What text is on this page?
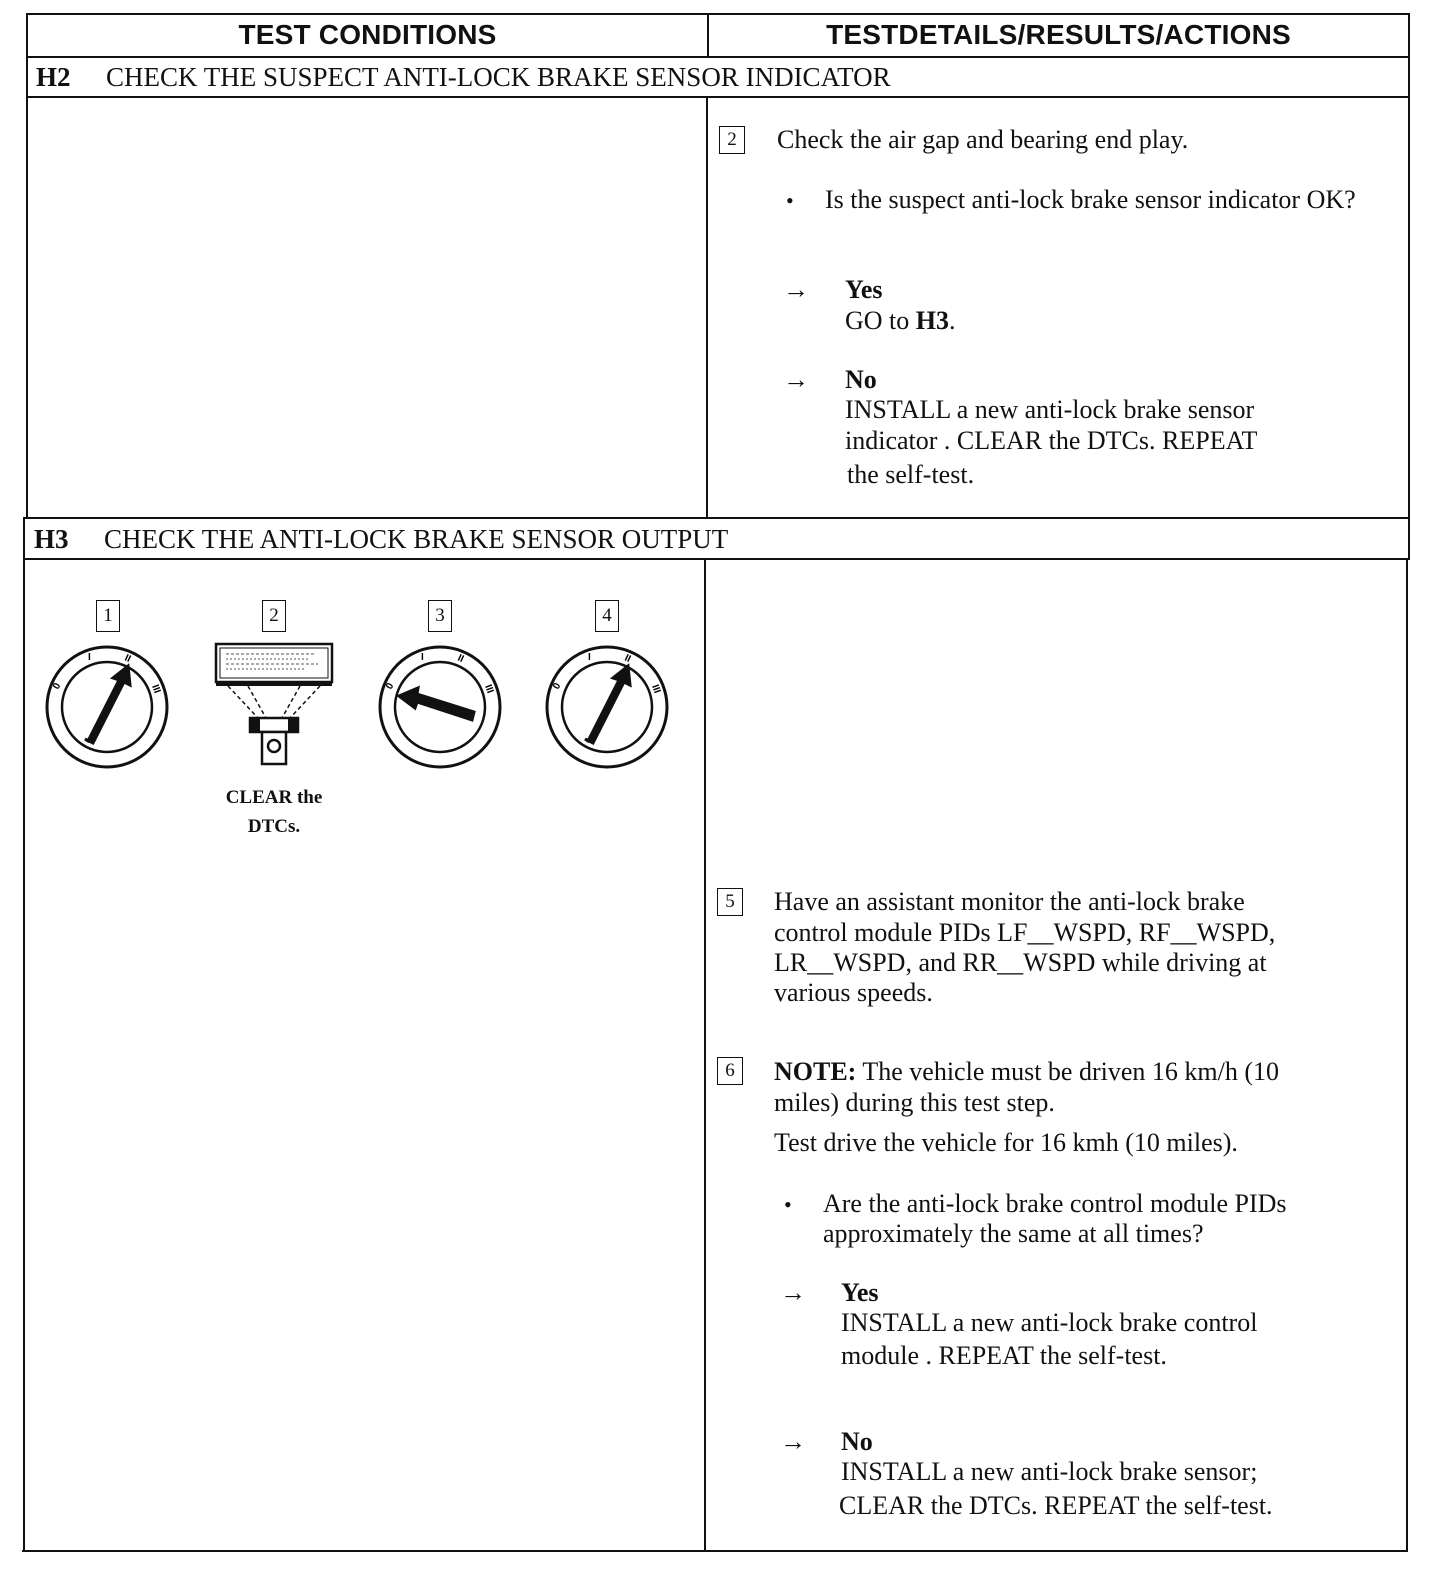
TEST CONDITIONS	TESTDETAILS/RESULTS/ACTIONS
H2	CHECK THE SUSPECT ANTI-LOCK BRAKE SENSOR INDICATOR
2	Check the air gap and bearing end play.
• Is the suspect anti-lock brake sensor indicator OK?
→ Yes
GO to H3.
→ No
INSTALL a new anti-lock brake sensor
indicator . CLEAR the DTCs. REPEAT
the self-test.
H3	CHECK THE ANTI-LOCK BRAKE SENSOR OUTPUT
1	2	3	4
0
I	II
III
CLEAR the
DTCs.
0
I	II
III	0
I	II
III
5	Have an assistant monitor the anti-lock brake
control module PIDs LF__WSPD, RF__WSPD,
LR__WSPD, and RR__WSPD while driving at
various speeds.
6	NOTE: The vehicle must be driven 16 km/h (10
miles) during this test step.
Test drive the vehicle for 16 kmh (10 miles).
• Are the anti-lock brake control module PIDs
approximately the same at all times?
→ Yes
INSTALL a new anti-lock brake control
module . REPEAT the self-test.
→ No
INSTALL a new anti-lock brake sensor;
CLEAR the DTCs. REPEAT the self-test.
